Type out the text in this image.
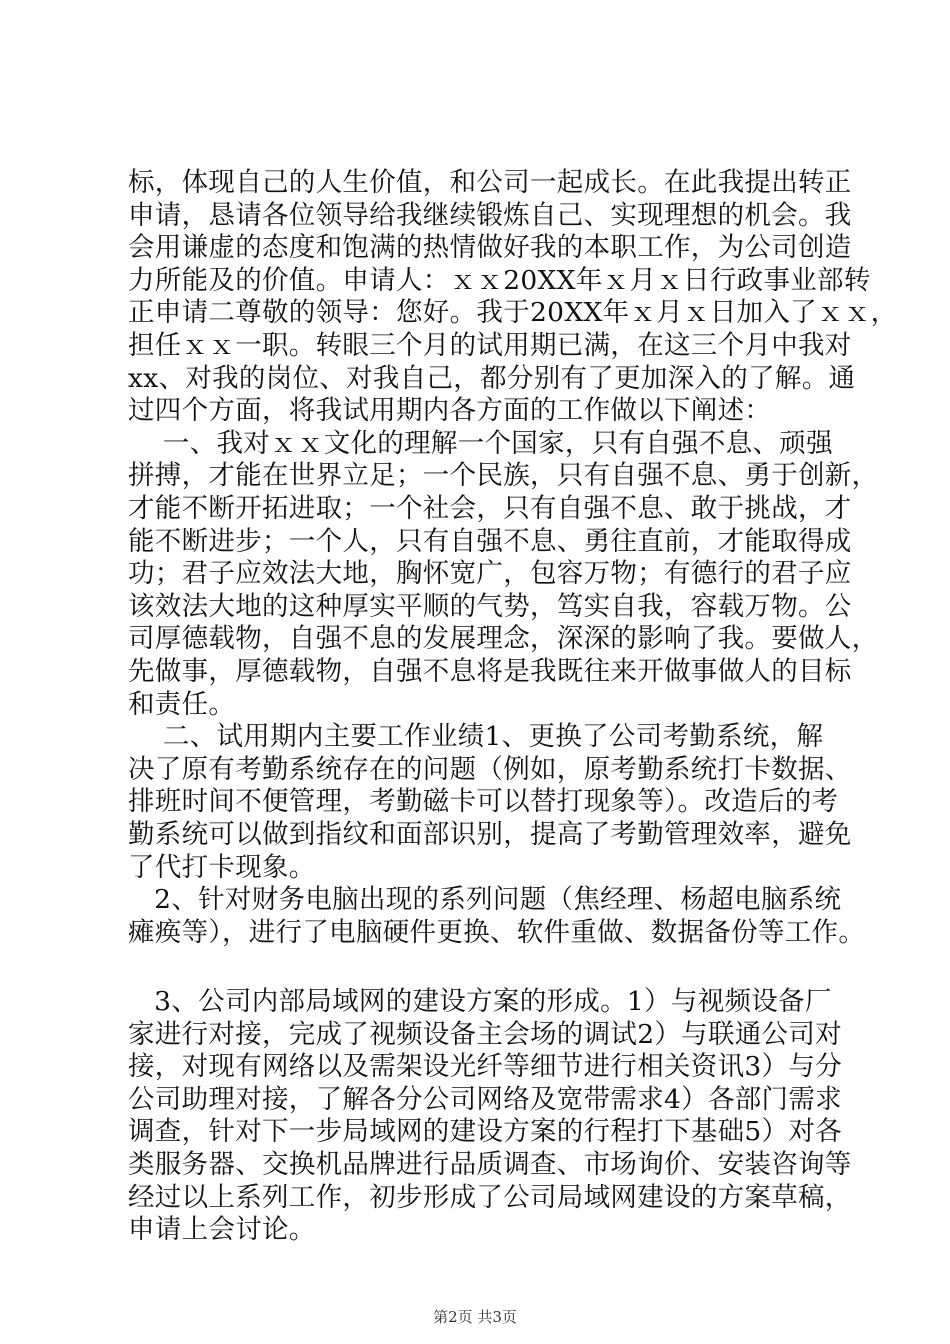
标，体现自己的人生价值，和公司一起成长。在此我提出转正
申请，恳请各位领导给我继续锻炼自己、实现理想的机会。我
会用谦虚的态度和饱满的热情做好我的本职工作，为公司创造
力所能及的价值。申请人：ｘｘ20XX年ｘ月ｘ日行政事业部转
正申请二尊敬的领导：您好。我于20XX年ｘ月ｘ日加入了ｘｘ，
担任ｘｘ一职。转眼三个月的试用期已满，在这三个月中我对
xx、对我的岗位、对我自己，都分别有了更加深入的了解。通
过四个方面，将我试用期内各方面的工作做以下阐述：
一、我对ｘｘ文化的理解一个国家，只有自强不息、顽强
拼搏，才能在世界立足；一个民族，只有自强不息、勇于创新，
才能不断开拓进取；一个社会，只有自强不息、敢于挑战，才
能不断进步；一个人，只有自强不息、勇往直前，才能取得成
功；君子应效法大地，胸怀宽广，包容万物；有德行的君子应
该效法大地的这种厚实平顺的气势，笃实自我，容载万物。公
司厚德载物，自强不息的发展理念，深深的影响了我。要做人，
先做事，厚德载物，自强不息将是我既往来开做事做人的目标
和责任。
二、试用期内主要工作业绩1、更换了公司考勤系统，解
决了原有考勤系统存在的问题（例如，原考勤系统打卡数据、
排班时间不便管理，考勤磁卡可以替打现象等）。改造后的考
勤系统可以做到指纹和面部识别，提高了考勤管理效率，避免
了代打卡现象。
2、针对财务电脑出现的系列问题（焦经理、杨超电脑系统
瘫痪等），进行了电脑硬件更换、软件重做、数据备份等工作。
3、公司内部局域网的建设方案的形成。1）与视频设备厂
家进行对接，完成了视频设备主会场的调试2）与联通公司对
接，对现有网络以及需架设光纤等细节进行相关资讯3）与分
公司助理对接，了解各分公司网络及宽带需求4）各部门需求
调查，针对下一步局域网的建设方案的行程打下基础5）对各
类服务器、交换机品牌进行品质调查、市场询价、安装咨询等
经过以上系列工作，初步形成了公司局域网建设的方案草稿，
申请上会讨论。
第2页 共3页
